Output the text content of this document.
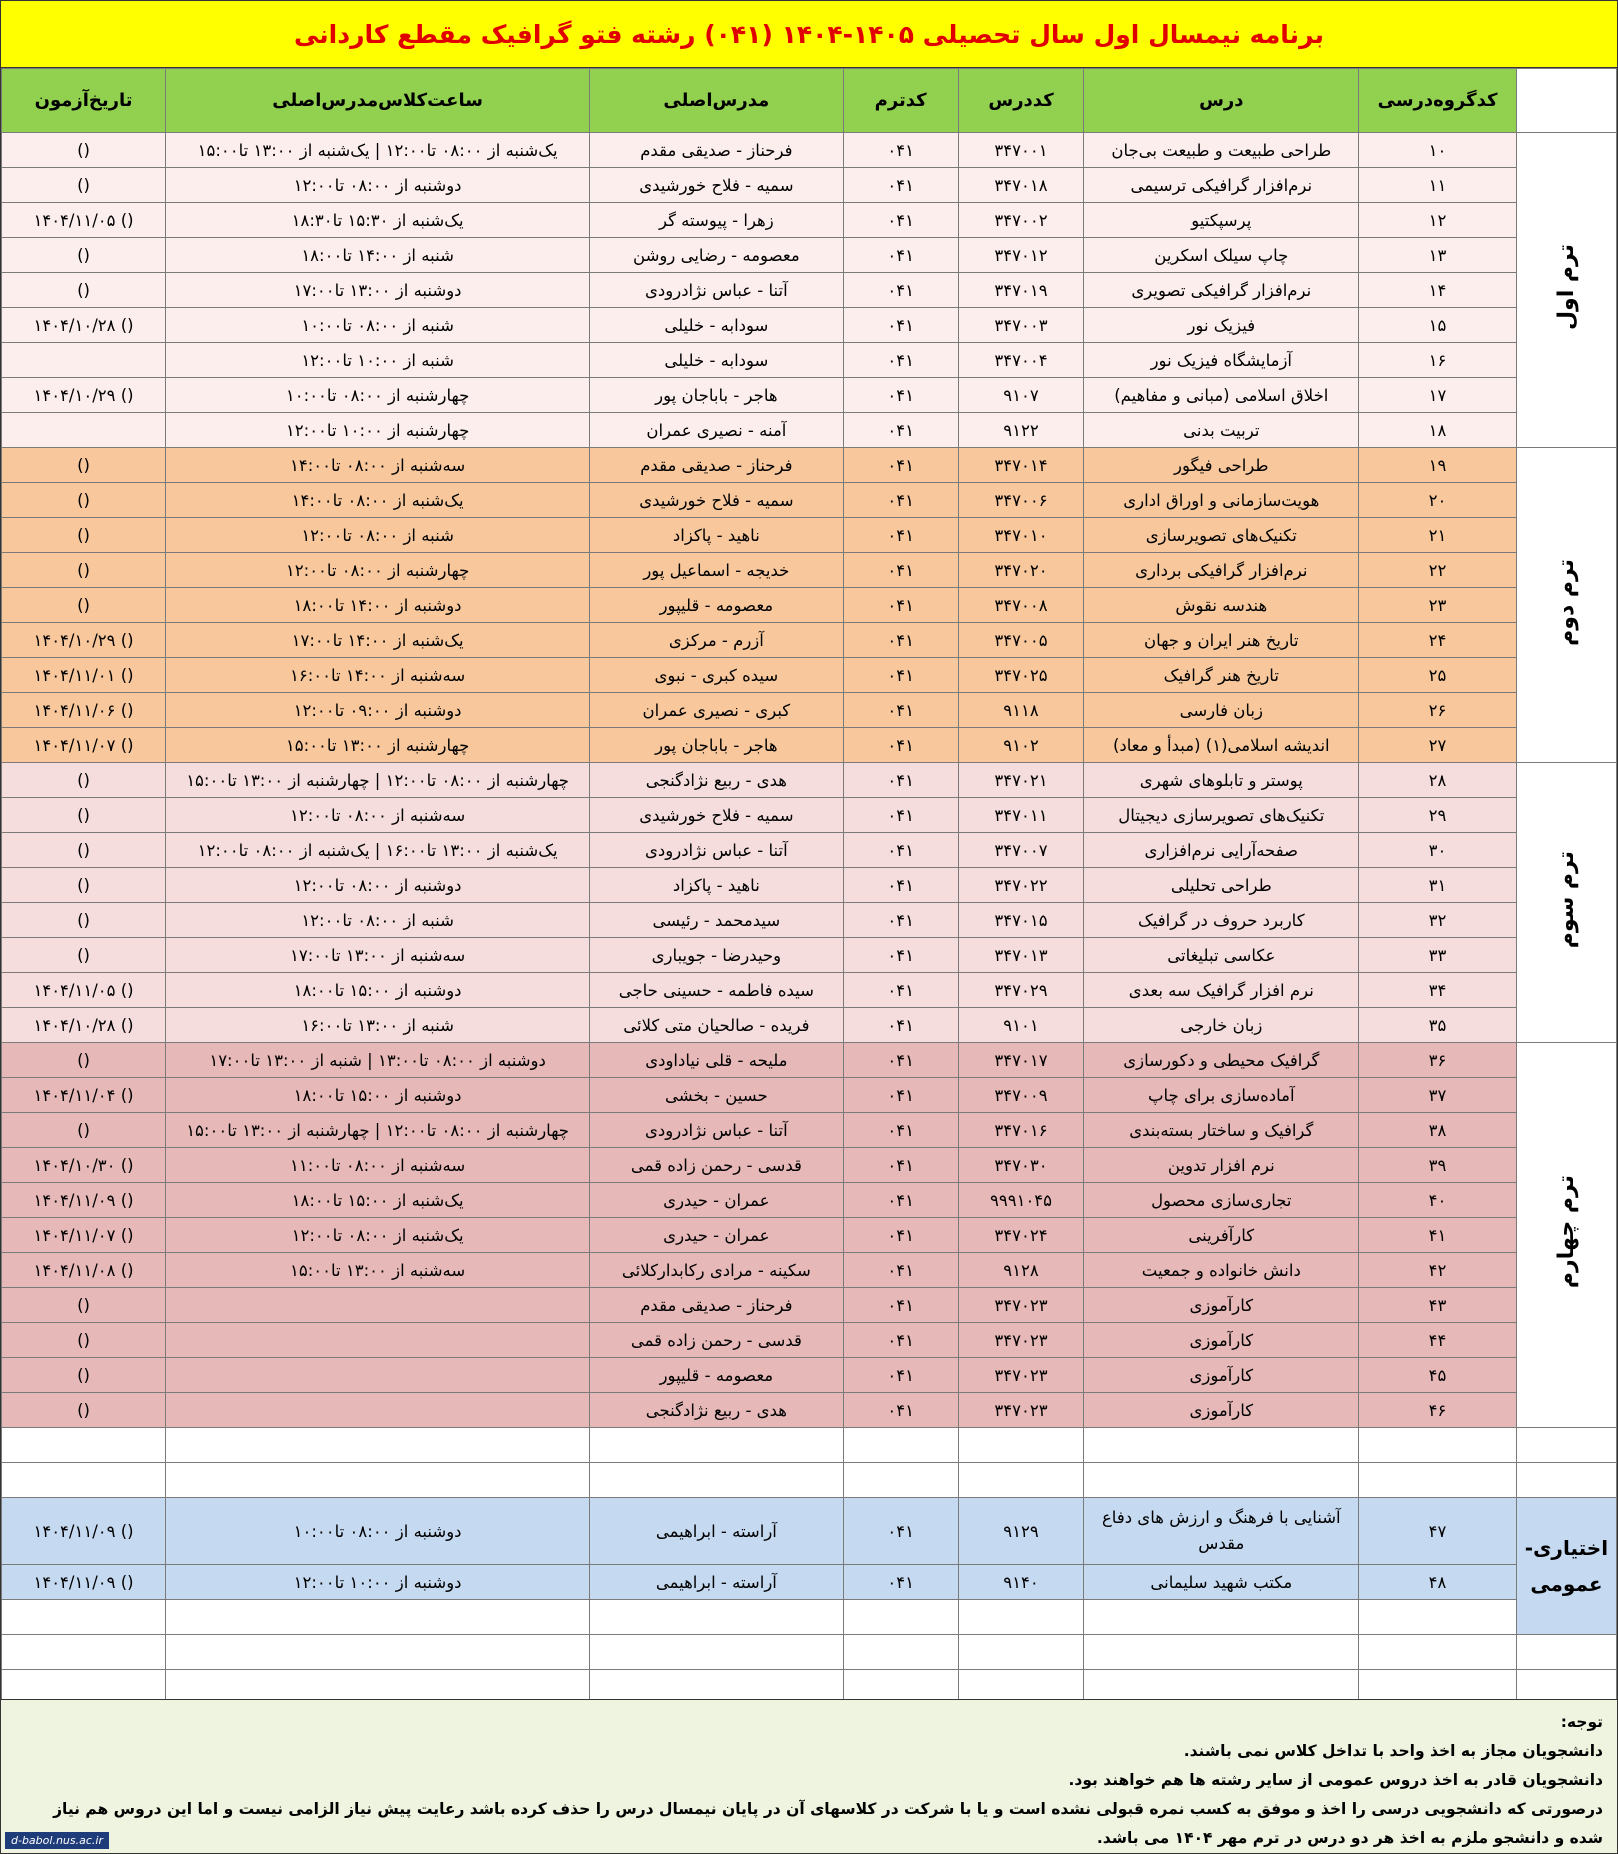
برنامه نیمسال اول سال تحصیلی ۱۴۰۵-۱۴۰۴ (۰۴۱) رشته فتو گرافیک مقطع کاردانی
	کدگروه‌درسی	درس	کددرس	کدترم	مدرس‌اصلی	ساعت‌کلاس‌مدرس‌اصلی	تاریخ‌آزمون
ترم اول	۱۰	طراحی طبیعت و طبیعت بی‌جان	۳۴۷۰۰۱	۰۴۱	فرحناز - صدیقی مقدم	یک‌شنبه از ۰۸:۰۰ تا۱۲:۰۰ | یک‌شنبه از ۱۳:۰۰ تا۱۵:۰۰	()
	۱۱	نرم‌افزار گرافیکی ترسیمی	۳۴۷۰۱۸	۰۴۱	سمیه - فلاح خورشیدی	دوشنبه از ۰۸:۰۰ تا۱۲:۰۰	()
	۱۲	پرسپکتیو	۳۴۷۰۰۲	۰۴۱	زهرا - پیوسته گر	یک‌شنبه از ۱۵:۳۰ تا۱۸:۳۰	() ۱۴۰۴/۱۱/۰۵
	۱۳	چاپ سیلک اسکرین	۳۴۷۰۱۲	۰۴۱	معصومه - رضایی روشن	شنبه از ۱۴:۰۰ تا۱۸:۰۰	()
	۱۴	نرم‌افزار گرافیکی تصویری	۳۴۷۰۱۹	۰۴۱	آتنا - عباس نژادرودی	دوشنبه از ۱۳:۰۰ تا۱۷:۰۰	()
	۱۵	فیزیک نور	۳۴۷۰۰۳	۰۴۱	سودابه - خلیلی	شنبه از ۰۸:۰۰ تا۱۰:۰۰	() ۱۴۰۴/۱۰/۲۸
	۱۶	آزمایشگاه فیزیک نور	۳۴۷۰۰۴	۰۴۱	سودابه - خلیلی	شنبه از ۱۰:۰۰ تا۱۲:۰۰	
	۱۷	اخلاق اسلامی (مبانی و مفاهیم)	۹۱۰۷	۰۴۱	هاجر - باباجان پور	چهارشنبه از ۰۸:۰۰ تا۱۰:۰۰	() ۱۴۰۴/۱۰/۲۹
	۱۸	تربیت بدنی	۹۱۲۲	۰۴۱	آمنه - نصیری عمران	چهارشنبه از ۱۰:۰۰ تا۱۲:۰۰	
ترم دوم	۱۹	طراحی فیگور	۳۴۷۰۱۴	۰۴۱	فرحناز - صدیقی مقدم	سه‌شنبه از ۰۸:۰۰ تا۱۴:۰۰	()
	۲۰	هویت‌سازمانی و اوراق اداری	۳۴۷۰۰۶	۰۴۱	سمیه - فلاح خورشیدی	یک‌شنبه از ۰۸:۰۰ تا۱۴:۰۰	()
	۲۱	تکنیک‌های تصویرسازی	۳۴۷۰۱۰	۰۴۱	ناهید - پاکزاد	شنبه از ۰۸:۰۰ تا۱۲:۰۰	()
	۲۲	نرم‌افزار گرافیکی برداری	۳۴۷۰۲۰	۰۴۱	خدیجه - اسماعیل پور	چهارشنبه از ۰۸:۰۰ تا۱۲:۰۰	()
	۲۳	هندسه نقوش	۳۴۷۰۰۸	۰۴۱	معصومه - قلیپور	دوشنبه از ۱۴:۰۰ تا۱۸:۰۰	()
	۲۴	تاریخ هنر ایران و جهان	۳۴۷۰۰۵	۰۴۱	آزرم - مرکزی	یک‌شنبه از ۱۴:۰۰ تا۱۷:۰۰	() ۱۴۰۴/۱۰/۲۹
	۲۵	تاریخ هنر گرافیک	۳۴۷۰۲۵	۰۴۱	سیده کبری - نبوی	سه‌شنبه از ۱۴:۰۰ تا۱۶:۰۰	() ۱۴۰۴/۱۱/۰۱
	۲۶	زبان فارسی	۹۱۱۸	۰۴۱	کبری - نصیری عمران	دوشنبه از ۰۹:۰۰ تا۱۲:۰۰	() ۱۴۰۴/۱۱/۰۶
	۲۷	اندیشه اسلامی(۱) (مبدأ و معاد)	۹۱۰۲	۰۴۱	هاجر - باباجان پور	چهارشنبه از ۱۳:۰۰ تا۱۵:۰۰	() ۱۴۰۴/۱۱/۰۷
ترم سوم	۲۸	پوستر و تابلوهای شهری	۳۴۷۰۲۱	۰۴۱	هدی - ربیع نژادگنجی	چهارشنبه از ۰۸:۰۰ تا۱۲:۰۰ | چهارشنبه از ۱۳:۰۰ تا۱۵:۰۰	()
	۲۹	تکنیک‌های تصویرسازی دیجیتال	۳۴۷۰۱۱	۰۴۱	سمیه - فلاح خورشیدی	سه‌شنبه از ۰۸:۰۰ تا۱۲:۰۰	()
	۳۰	صفحه‌آرایی نرم‌افزاری	۳۴۷۰۰۷	۰۴۱	آتنا - عباس نژادرودی	یک‌شنبه از ۱۳:۰۰ تا۱۶:۰۰ | یک‌شنبه از ۰۸:۰۰ تا۱۲:۰۰	()
	۳۱	طراحی تحلیلی	۳۴۷۰۲۲	۰۴۱	ناهید - پاکزاد	دوشنبه از ۰۸:۰۰ تا۱۲:۰۰	()
	۳۲	کاربرد حروف در گرافیک	۳۴۷۰۱۵	۰۴۱	سیدمحمد - رئیسی	شنبه از ۰۸:۰۰ تا۱۲:۰۰	()
	۳۳	عکاسی تبلیغاتی	۳۴۷۰۱۳	۰۴۱	وحیدرضا - جویباری	سه‌شنبه از ۱۳:۰۰ تا۱۷:۰۰	()
	۳۴	نرم افزار گرافیک سه بعدی	۳۴۷۰۲۹	۰۴۱	سیده فاطمه - حسینی حاجی	دوشنبه از ۱۵:۰۰ تا۱۸:۰۰	() ۱۴۰۴/۱۱/۰۵
	۳۵	زبان خارجی	۹۱۰۱	۰۴۱	فریده - صالحیان متی کلائی	شنبه از ۱۳:۰۰ تا۱۶:۰۰	() ۱۴۰۴/۱۰/۲۸
ترم چهارم	۳۶	گرافیک محیطی و دکورسازی	۳۴۷۰۱۷	۰۴۱	ملیحه - قلی نیاداودی	دوشنبه از ۰۸:۰۰ تا۱۳:۰۰ | شنبه از ۱۳:۰۰ تا۱۷:۰۰	()
	۳۷	آماده‌سازی برای چاپ	۳۴۷۰۰۹	۰۴۱	حسین - بخشی	دوشنبه از ۱۵:۰۰ تا۱۸:۰۰	() ۱۴۰۴/۱۱/۰۴
	۳۸	گرافیک و ساختار بسته‌بندی	۳۴۷۰۱۶	۰۴۱	آتنا - عباس نژادرودی	چهارشنبه از ۰۸:۰۰ تا۱۲:۰۰ | چهارشنبه از ۱۳:۰۰ تا۱۵:۰۰	()
	۳۹	نرم افزار تدوین	۳۴۷۰۳۰	۰۴۱	قدسی - رحمن زاده قمی	سه‌شنبه از ۰۸:۰۰ تا۱۱:۰۰	() ۱۴۰۴/۱۰/۳۰
	۴۰	تجاری‌سازی محصول	۹۹۹۱۰۴۵	۰۴۱	عمران - حیدری	یک‌شنبه از ۱۵:۰۰ تا۱۸:۰۰	() ۱۴۰۴/۱۱/۰۹
	۴۱	کارآفرینی	۳۴۷۰۲۴	۰۴۱	عمران - حیدری	یک‌شنبه از ۰۸:۰۰ تا۱۲:۰۰	() ۱۴۰۴/۱۱/۰۷
	۴۲	دانش خانواده و جمعیت	۹۱۲۸	۰۴۱	سکینه - مرادی رکابدارکلائی	سه‌شنبه از ۱۳:۰۰ تا۱۵:۰۰	() ۱۴۰۴/۱۱/۰۸
	۴۳	کارآموزی	۳۴۷۰۲۳	۰۴۱	فرحناز - صدیقی مقدم		()
	۴۴	کارآموزی	۳۴۷۰۲۳	۰۴۱	قدسی - رحمن زاده قمی		()
	۴۵	کارآموزی	۳۴۷۰۲۳	۰۴۱	معصومه - قلیپور		()
	۴۶	کارآموزی	۳۴۷۰۲۳	۰۴۱	هدی - ربیع نژادگنجی		()

اختیاری- عمومی	۴۷	آشنایی با فرهنگ و ارزش های دفاع مقدس	۹۱۲۹	۰۴۱	آراسته - ابراهیمی	دوشنبه از ۰۸:۰۰ تا۱۰:۰۰	() ۱۴۰۴/۱۱/۰۹
	۴۸	مکتب شهید سلیمانی	۹۱۴۰	۰۴۱	آراسته - ابراهیمی	دوشنبه از ۱۰:۰۰ تا۱۲:۰۰	() ۱۴۰۴/۱۱/۰۹

توجه:

دانشجویان مجاز به اخذ واحد با تداخل کلاس نمی باشند.

دانشجویان قادر به اخذ دروس عمومی از سایر رشته ها هم خواهند بود.

درصورتی که دانشجویی درسی را اخذ و موفق به کسب نمره قبولی نشده است و یا با شرکت در کلاسهای آن در پایان نیمسال درس را حذف کرده باشد رعایت پیش نیاز الزامی نیست و اما این دروس هم نیاز شده و دانشجو ملزم به اخذ هر دو درس در ترم مهر ۱۴۰۴ می باشد.

d-babol.nus.ac.ir
